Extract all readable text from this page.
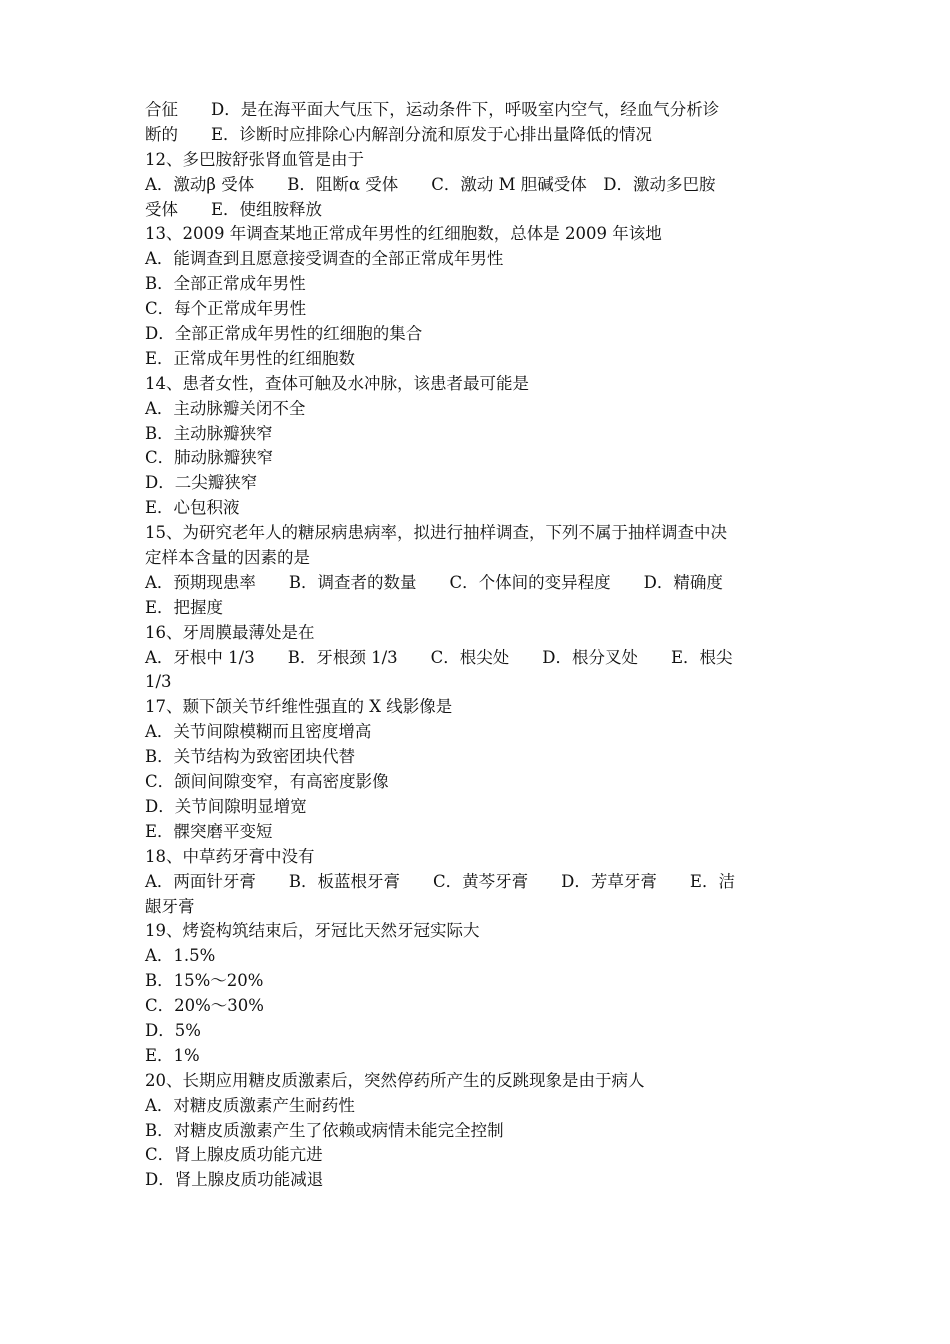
合征　　D．是在海平面大气压下，运动条件下，呼吸室内空气，经血气分析诊
断的　　E．诊断时应排除心内解剖分流和原发于心排出量降低的情况
12、多巴胺舒张肾血管是由于
A．激动β 受体　　B．阻断α 受体　　C．激动 M 胆碱受体　D．激动多巴胺
受体　　E．使组胺释放
13、2009 年调查某地正常成年男性的红细胞数，总体是 2009 年该地
A．能调查到且愿意接受调查的全部正常成年男性
B．全部正常成年男性
C．每个正常成年男性
D．全部正常成年男性的红细胞的集合
E．正常成年男性的红细胞数
14、患者女性，查体可触及水冲脉，该患者最可能是
A．主动脉瓣关闭不全
B．主动脉瓣狭窄
C．肺动脉瓣狭窄
D．二尖瓣狭窄
E．心包积液
15、为研究老年人的糖尿病患病率，拟进行抽样调查，下列不属于抽样调查中决
定样本含量的因素的是
A．预期现患率　　B．调查者的数量　　C．个体间的变异程度　　D．精确度
E．把握度
16、牙周膜最薄处是在
A．牙根中 1/3　　B．牙根颈 1/3　　C．根尖处　　D．根分叉处　　E．根尖
1/3
17、颞下颌关节纤维性强直的 X 线影像是
A．关节间隙模糊而且密度增高
B．关节结构为致密团块代替
C．颌间间隙变窄，有高密度影像
D．关节间隙明显增宽
E．髁突磨平变短
18、中草药牙膏中没有
A．两面针牙膏　　B．板蓝根牙膏　　C．黄芩牙膏　　D．芳草牙膏　　E．洁
龈牙膏
19、烤瓷构筑结束后，牙冠比天然牙冠实际大
A．1.5%
B．15%～20%
C．20%～30%
D．5%
E．1%
20、长期应用糖皮质激素后，突然停药所产生的反跳现象是由于病人
A．对糖皮质激素产生耐药性
B．对糖皮质激素产生了依赖或病情未能完全控制
C．肾上腺皮质功能亢进
D．肾上腺皮质功能减退
